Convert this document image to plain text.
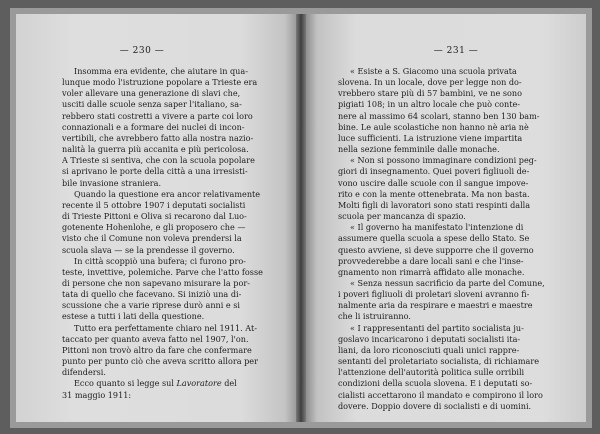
— 230 —
Insomma era evidente, che aiutare in qua-
lunque modo l'istruzione popolare a Trieste era
voler allevare una generazione di slavi che,
usciti dalle scuole senza saper l'italiano, sa-
rebbero stati costretti a vivere a parte coi loro
connazionali e a formare dei nuclei di incon-
vertibili, che avrebbero fatto alla nostra nazio-
nalità la guerra più accanita e più pericolosa.
A Trieste si sentiva, che con la scuola popolare
si aprivano le porte della città a una irresisti-
bile invasione straniera.
Quando la questione era ancor relativamente
recente il 5 ottobre 1907 i deputati socialisti
di Trieste Pittoni e Oliva si recarono dal Luo-
gotenente Hohenlohe, e gli proposero che —
visto che il Comune non voleva prendersi la
scuola slava — se la prendesse il governo.
In città scoppiò una bufera; ci furono pro-
teste, invettive, polemiche. Parve che l'atto fosse
di persone che non sapevano misurare la por-
tata di quello che facevano. Si iniziò una di-
scussione che a varie riprese durò anni e si
estese a tutti i lati della questione.
Tutto era perfettamente chiaro nel 1911. At-
taccato per quanto aveva fatto nel 1907, l'on.
Pittoni non trovò altro da fare che confermare
punto per punto ciò che aveva scritto allora per
difendersi.
Ecco quanto si legge sul Lavoratore del
31 maggio 1911:
— 231 —
« Esiste a S. Giacomo una scuola privata
slovena. In un locale, dove per legge non do-
vrebbero stare più di 57 bambini, ve ne sono
pigiati 108; in un altro locale che può conte-
nere al massimo 64 scolari, stanno ben 130 bam-
bine. Le aule scolastiche non hanno nè aria nè
luce sufficienti. La istruzione viene impartita
nella sezione femminile dalle monache.
« Non si possono immaginare condizioni peg-
giori di insegnamento. Quei poveri figliuoli de-
vono uscire dalle scuole con il sangue impove-
rito e con la mente ottenebrata. Ma non basta.
Molti figli di lavoratori sono stati respinti dalla
scuola per mancanza di spazio.
« Il governo ha manifestato l'intenzione di
assumere quella scuola a spese dello Stato. Se
questo avviene, si deve supporre che il governo
provvederebbe a dare locali sani e che l'inse-
gnamento non rimarrà affidato alle monache.
« Senza nessun sacrificio da parte del Comune,
i poveri figliuoli di proletari sloveni avranno fi-
nalmente aria da respirare e maestri e maestre
che li istruiranno.
« I rappresentanti del partito socialista ju-
goslavo incaricarono i deputati socialisti ita-
liani, da loro riconosciuti quali unici rappre-
sentanti del proletariato socialista, di richiamare
l'attenzione dell'autorità politica sulle orribili
condizioni della scuola slovena. E i deputati so-
cialisti accettarono il mandato e compirono il loro
dovere. Doppio dovere di socialisti e di uomini.
